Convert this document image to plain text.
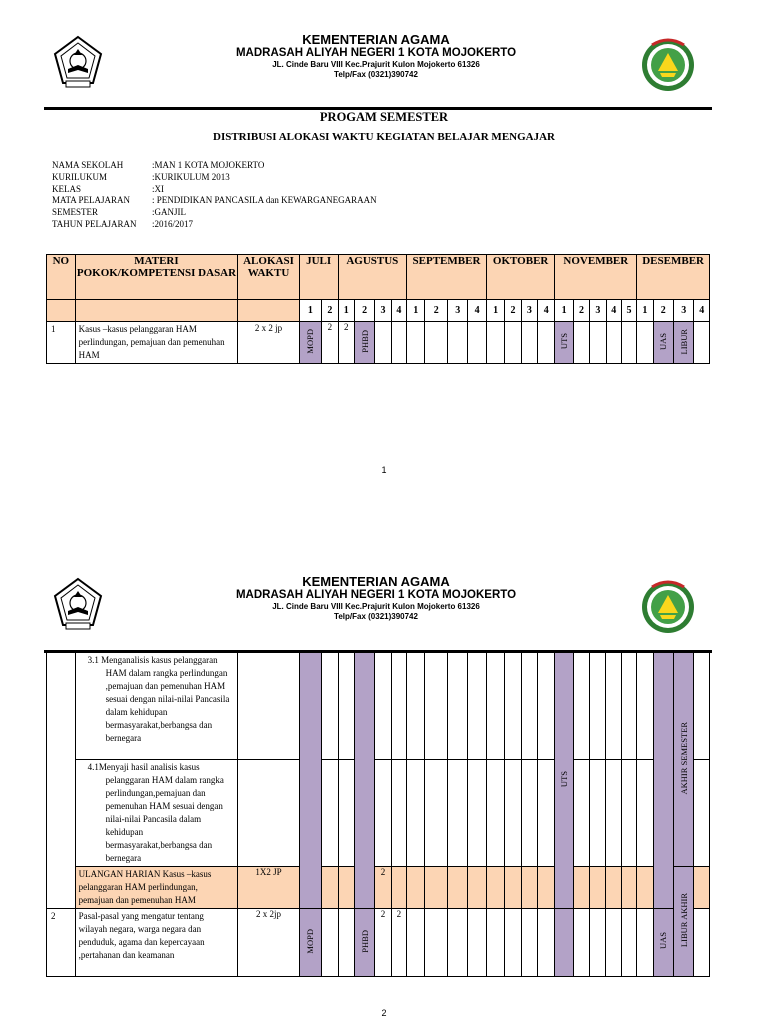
KEMENTERIAN AGAMA
MADRASAH ALIYAH NEGERI 1 KOTA MOJOKERTO
JL. Cinde Baru VIII Kec.Prajurit Kulon Mojokerto 61326
Telp/Fax (0321)390742
PROGAM SEMESTER
DISTRIBUSI ALOKASI WAKTU KEGIATAN BELAJAR MENGAJAR
NAMA SEKOLAH	:MAN 1 KOTA MOJOKERTO
KURILUKUM	:KURIKULUM 2013
KELAS	:XI
MATA PELAJARAN	: PENDIDIKAN PANCASILA dan KEWARGANEGARAAN
SEMESTER	:GANJIL
TAHUN PELAJARAN	:2016/2017
NO	MATERI POKOK/KOMPETENSI DASAR	ALOKASI WAKTU	JULI		AGUSTUS				SEPTEMBER				OKTOBER				NOVEMBER					DESEMBER			
			1	2	1	2	3	4	1	2	3	4	1	2	3	4	1	2	3	4	5	1	2	3	4
1	Kasus –kasus pelanggaran HAM perlindungan, pemajuan dan pemenuhan HAM	2 x 2 jp	MOPD	2	2	PHBD											UTS						UAS	LIBUR	
1
KEMENTERIAN AGAMA
MADRASAH ALIYAH NEGERI 1 KOTA MOJOKERTO
JL. Cinde Baru VIII Kec.Prajurit Kulon Mojokerto 61326
Telp/Fax (0321)390742
	3.1 Menganalisis kasus pelanggaran HAM dalam rangka perlindungan ,pemajuan dan pemenuhan HAM sesuai dengan nilai-nilai Pancasila dalam kehidupan bermasyarakat,berbangsa dan bernegara																UTS							AKHIR SEMESTER	
	4.1Menyaji hasil analisis kasus pelanggaran HAM dalam rangka perlindungan,pemajuan dan pemenuhan HAM sesuai dengan nilai-nilai Pancasila dalam kehidupan bermasyarakat,berbangsa dan bernegara																								
	ULANGAN HARIAN Kasus –kasus pelanggaran HAM perlindungan, pemajuan dan pemenuhan HAM	1X2 JP					2																	LIBUR AKHIR	
2	Pasal-pasal yang mengatur tentang wilayah negara, warga negara dan penduduk, agama dan kepercayaan ,pertahanan dan keamanan	2 x 2jp	MOPD			PHBD	2	2															UAS		
2
